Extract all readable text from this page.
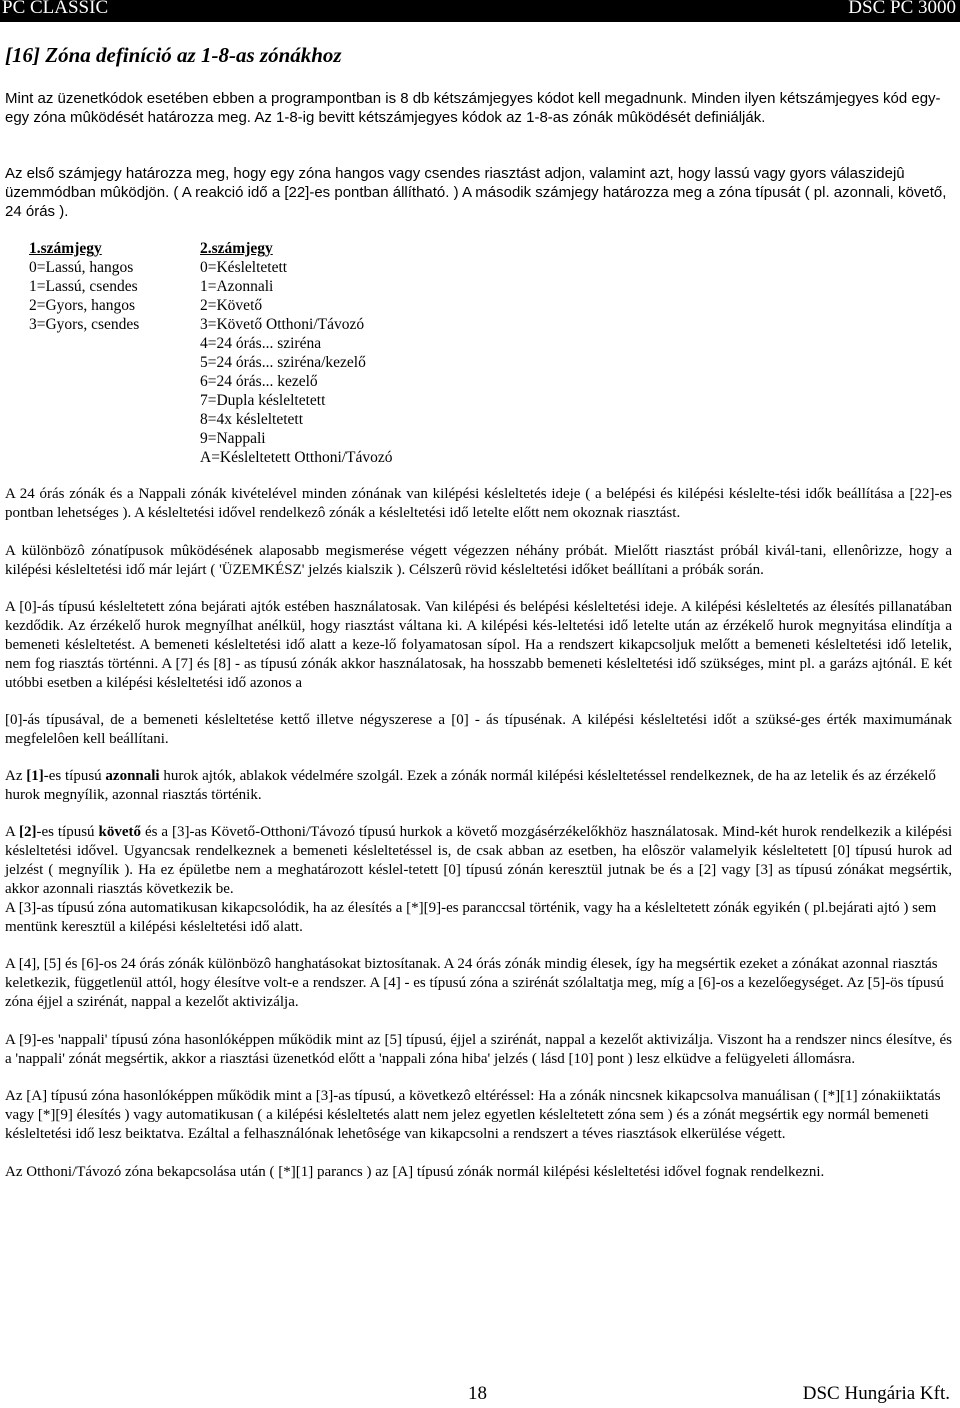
PC CLASSIC	DSC PC 3000
[16] Zóna definíció az 1-8-as zónákhoz

Mint az üzenetkódok esetében ebben a programpontban is 8 db kétszámjegyes kódot kell megadnunk. Minden ilyen kétszámjegyes kód egy-egy zóna mûködését határozza meg. Az 1-8-ig bevitt kétszámjegyes kódok az 1-8-as zónák mûködését definiálják.

Az első számjegy határozza meg, hogy egy zóna hangos vagy csendes riasztást adjon, valamint azt, hogy lassú vagy gyors válaszidejû üzemmódban mûködjön. ( A reakció idő a [22]-es pontban állítható. ) A második számjegy határozza meg a zóna típusát ( pl. azonnali, követő, 24 órás ).

1.számjegy
0=Lassú, hangos
1=Lassú, csendes
2=Gyors, hangos
3=Gyors, csendes
2.számjegy
0=Késleltetett
1=Azonnali
2=Követő
3=Követő Otthoni/Távozó
4=24 órás... sziréna
5=24 órás... sziréna/kezelő
6=24 órás... kezelő
7=Dupla késleltetett
8=4x késleltetett
9=Nappali
A=Késleltetett Otthoni/Távozó

A 24 órás zónák és a Nappali zónák kivételével minden zónának van kilépési késleltetés ideje ( a belépési és kilépési késlelte-tési idők beállítása a [22]-es pontban lehetséges ). A késleltetési idővel rendelkezô zónák a késleltetési idő letelte előtt nem okoznak riasztást.

A különbözô zónatípusok mûködésének alaposabb megismerése végett végezzen néhány próbát. Mielőtt riasztást próbál kivál-tani, ellenôrizze, hogy a kilépési késleltetési idő már lejárt ( 'ÜZEMKÉSZ' jelzés kialszik ). Célszerû rövid késleltetési időket beállítani a próbák során.

A [0]-ás típusú késleltetett zóna bejárati ajtók estében használatosak. Van kilépési és belépési késleltetési ideje. A kilépési késleltetés az élesítés pillanatában kezdődik. Az érzékelő hurok megnyílhat anélkül, hogy riasztást váltana ki. A kilépési kés-leltetési idő letelte után az érzékelő hurok megnyitása elindítja a bemeneti késleltetést. A bemeneti késleltetési idő alatt a keze-lő folyamatosan sípol. Ha a rendszert kikapcsoljuk melőtt a bemeneti késleltetési idő letelik, nem fog riasztás történni. A [7] és [8] - as típusú zónák akkor használatosak, ha hosszabb bemeneti késleltetési idő szükséges, mint pl. a garázs ajtónál. E két utóbbi esetben a kilépési késleltetési idő azonos a

[0]-ás típusával, de a bemeneti késleltetése kettő illetve négyszerese a [0] - ás típusénak. A kilépési késleltetési időt a szüksé-ges érték maximumának megfelelôen kell beállítani.

Az [1]-es típusú azonnali hurok ajtók, ablakok védelmére szolgál. Ezek a zónák normál kilépési késleltetéssel rendelkeznek, de ha az letelik és az érzékelő hurok megnyílik, azonnal riasztás történik.

A [2]-es típusú követő és a [3]-as Követő-Otthoni/Távozó típusú hurkok a követő mozgásérzékelőkhöz használatosak. Mind-két hurok rendelkezik a kilépési késleltetési idővel. Ugyancsak rendelkeznek a bemeneti késleltetéssel is, de csak abban az esetben, ha elôször valamelyik késleltetett [0] típusú hurok ad jelzést ( megnyílik ). Ha ez épületbe nem a meghatározott késlel-tetett [0] típusú zónán keresztül jutnak be és a [2] vagy [3] as típusú zónákat megsértik, akkor azonnali riasztás következik be.

A [3]-as típusú zóna automatikusan kikapcsolódik, ha az élesítés a [*][9]-es paranccsal történik, vagy ha a késleltetett zónák egyikén ( pl.bejárati ajtó ) sem mentünk keresztül a kilépési késleltetési idő alatt.

A [4], [5] és [6]-os 24 órás zónák különbözô hanghatásokat biztosítanak. A 24 órás zónák mindig élesek, így ha megsértik ezeket a zónákat azonnal riasztás keletkezik, függetlenül attól, hogy élesítve volt-e a rendszer. A [4] - es típusú zóna a szirénát szólaltatja meg, míg a [6]-os a kezelőegységet. Az [5]-ös típusú zóna éjjel a szirénát, nappal a kezelőt aktivizálja.

A [9]-es 'nappali' típusú zóna hasonlóképpen működik mint az [5] típusú, éjjel a szirénát, nappal a kezelőt aktivizálja. Viszont ha a rendszer nincs élesítve, és a 'nappali' zónát megsértik, akkor a riasztási üzenetkód előtt a 'nappali zóna hiba' jelzés ( lásd [10] pont ) lesz elküdve a felügyeleti állomásra.

Az [A] típusú zóna hasonlóképpen működik mint a [3]-as típusú, a következô eltéréssel: Ha a zónák nincsnek kikapcsolva manuálisan ( [*][1] zónakiiktatás vagy [*][9] élesítés ) vagy automatikusan ( a kilépési késleltetés alatt nem jelez egyetlen késleltetett zóna sem ) és a zónát megsértik egy normál bemeneti késleltetési idő lesz beiktatva. Ezáltal a felhasználónak lehetôsége van kikapcsolni a rendszert a téves riasztások elkerülése végett.

Az Otthoni/Távozó zóna bekapcsolása után ( [*][1] parancs ) az [A] típusú zónák normál kilépési késleltetési idővel fognak rendelkezni.

18	DSC Hungária Kft.
